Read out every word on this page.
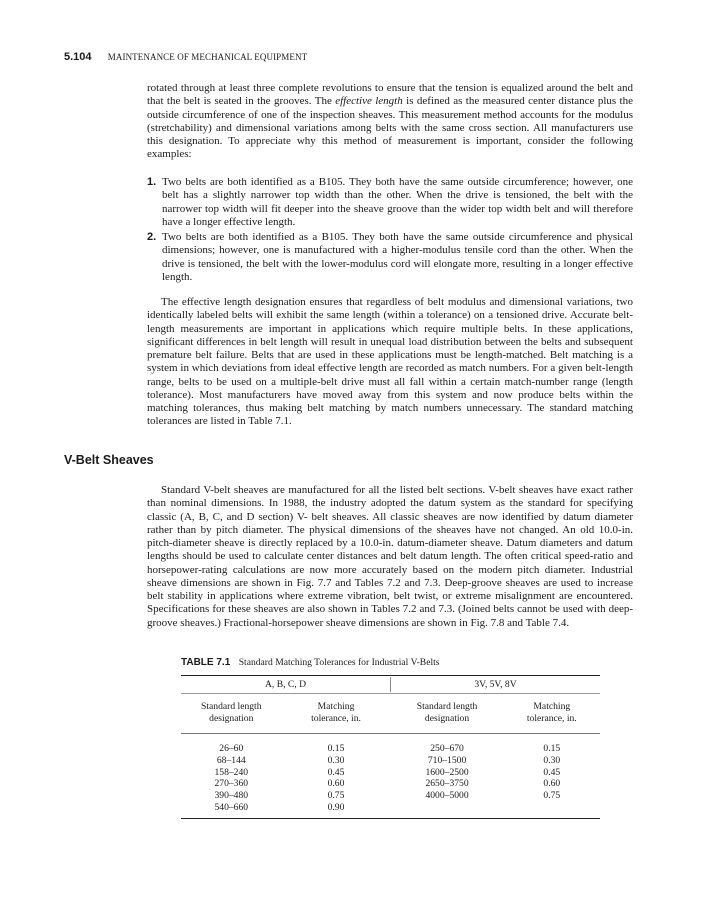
5.104 MAINTENANCE OF MECHANICAL EQUIPMENT

rotated through at least three complete revolutions to ensure that the tension is equalized around the belt and that the belt is seated in the grooves. The effective length is defined as the measured center distance plus the outside circumference of one of the inspection sheaves. This measurement method accounts for the modulus (stretchability) and dimensional variations among belts with the same cross section. All manufacturers use this designation. To appreciate why this method of measurement is important, consider the following examples:

1. Two belts are both identified as a B105. They both have the same outside circumference; however, one belt has a slightly narrower top width than the other. When the drive is tensioned, the belt with the narrower top width will fit deeper into the sheave groove than the wider top width belt and will therefore have a longer effective length.
2. Two belts are both identified as a B105. They both have the same outside circumference and physical dimensions; however, one is manufactured with a higher-modulus tensile cord than the other. When the drive is tensioned, the belt with the lower-modulus cord will elongate more, resulting in a longer effective length.

The effective length designation ensures that regardless of belt modulus and dimensional variations, two identically labeled belts will exhibit the same length (within a tolerance) on a tensioned drive. Accurate belt-length measurements are important in applications which require multiple belts. In these applications, significant differences in belt length will result in unequal load distribution between the belts and subsequent premature belt failure. Belts that are used in these applications must be length-matched. Belt matching is a system in which deviations from ideal effective length are recorded as match numbers. For a given belt-length range, belts to be used on a multiple-belt drive must all fall within a certain match-number range (length tolerance). Most manufacturers have moved away from this system and now produce belts within the matching tolerances, thus making belt matching by match numbers unnecessary. The standard matching tolerances are listed in Table 7.1.

V-Belt Sheaves

Standard V-belt sheaves are manufactured for all the listed belt sections. V-belt sheaves have exact rather than nominal dimensions. In 1988, the industry adopted the datum system as the standard for specifying classic (A, B, C, and D section) V- belt sheaves. All classic sheaves are now identified by datum diameter rather than by pitch diameter. The physical dimensions of the sheaves have not changed. An old 10.0-in. pitch-diameter sheave is directly replaced by a 10.0-in. datum-diameter sheave. Datum diameters and datum lengths should be used to calculate center distances and belt datum length. The often critical speed-ratio and horsepower-rating calculations are now more accurately based on the modern pitch diameter. Industrial sheave dimensions are shown in Fig. 7.7 and Tables 7.2 and 7.3. Deep-groove sheaves are used to increase belt stability in applications where extreme vibration, belt twist, or extreme misalignment are encountered. Specifications for these sheaves are also shown in Tables 7.2 and 7.3. (Joined belts cannot be used with deep-groove sheaves.) Fractional-horsepower sheave dimensions are shown in Fig. 7.8 and Table 7.4.

TABLE 7.1 Standard Matching Tolerances for Industrial V-Belts
A, B, C, D		3V, 5V, 8V	
Standard length
designation	Matching
tolerance, in.	Standard length
designation	Matching
tolerance, in.
26–60	0.15	250–670	0.15
68–144	0.30	710–1500	0.30
158–240	0.45	1600–2500	0.45
270–360	0.60	2650–3750	0.60
390–480	0.75	4000–5000	0.75
540–660	0.90		
